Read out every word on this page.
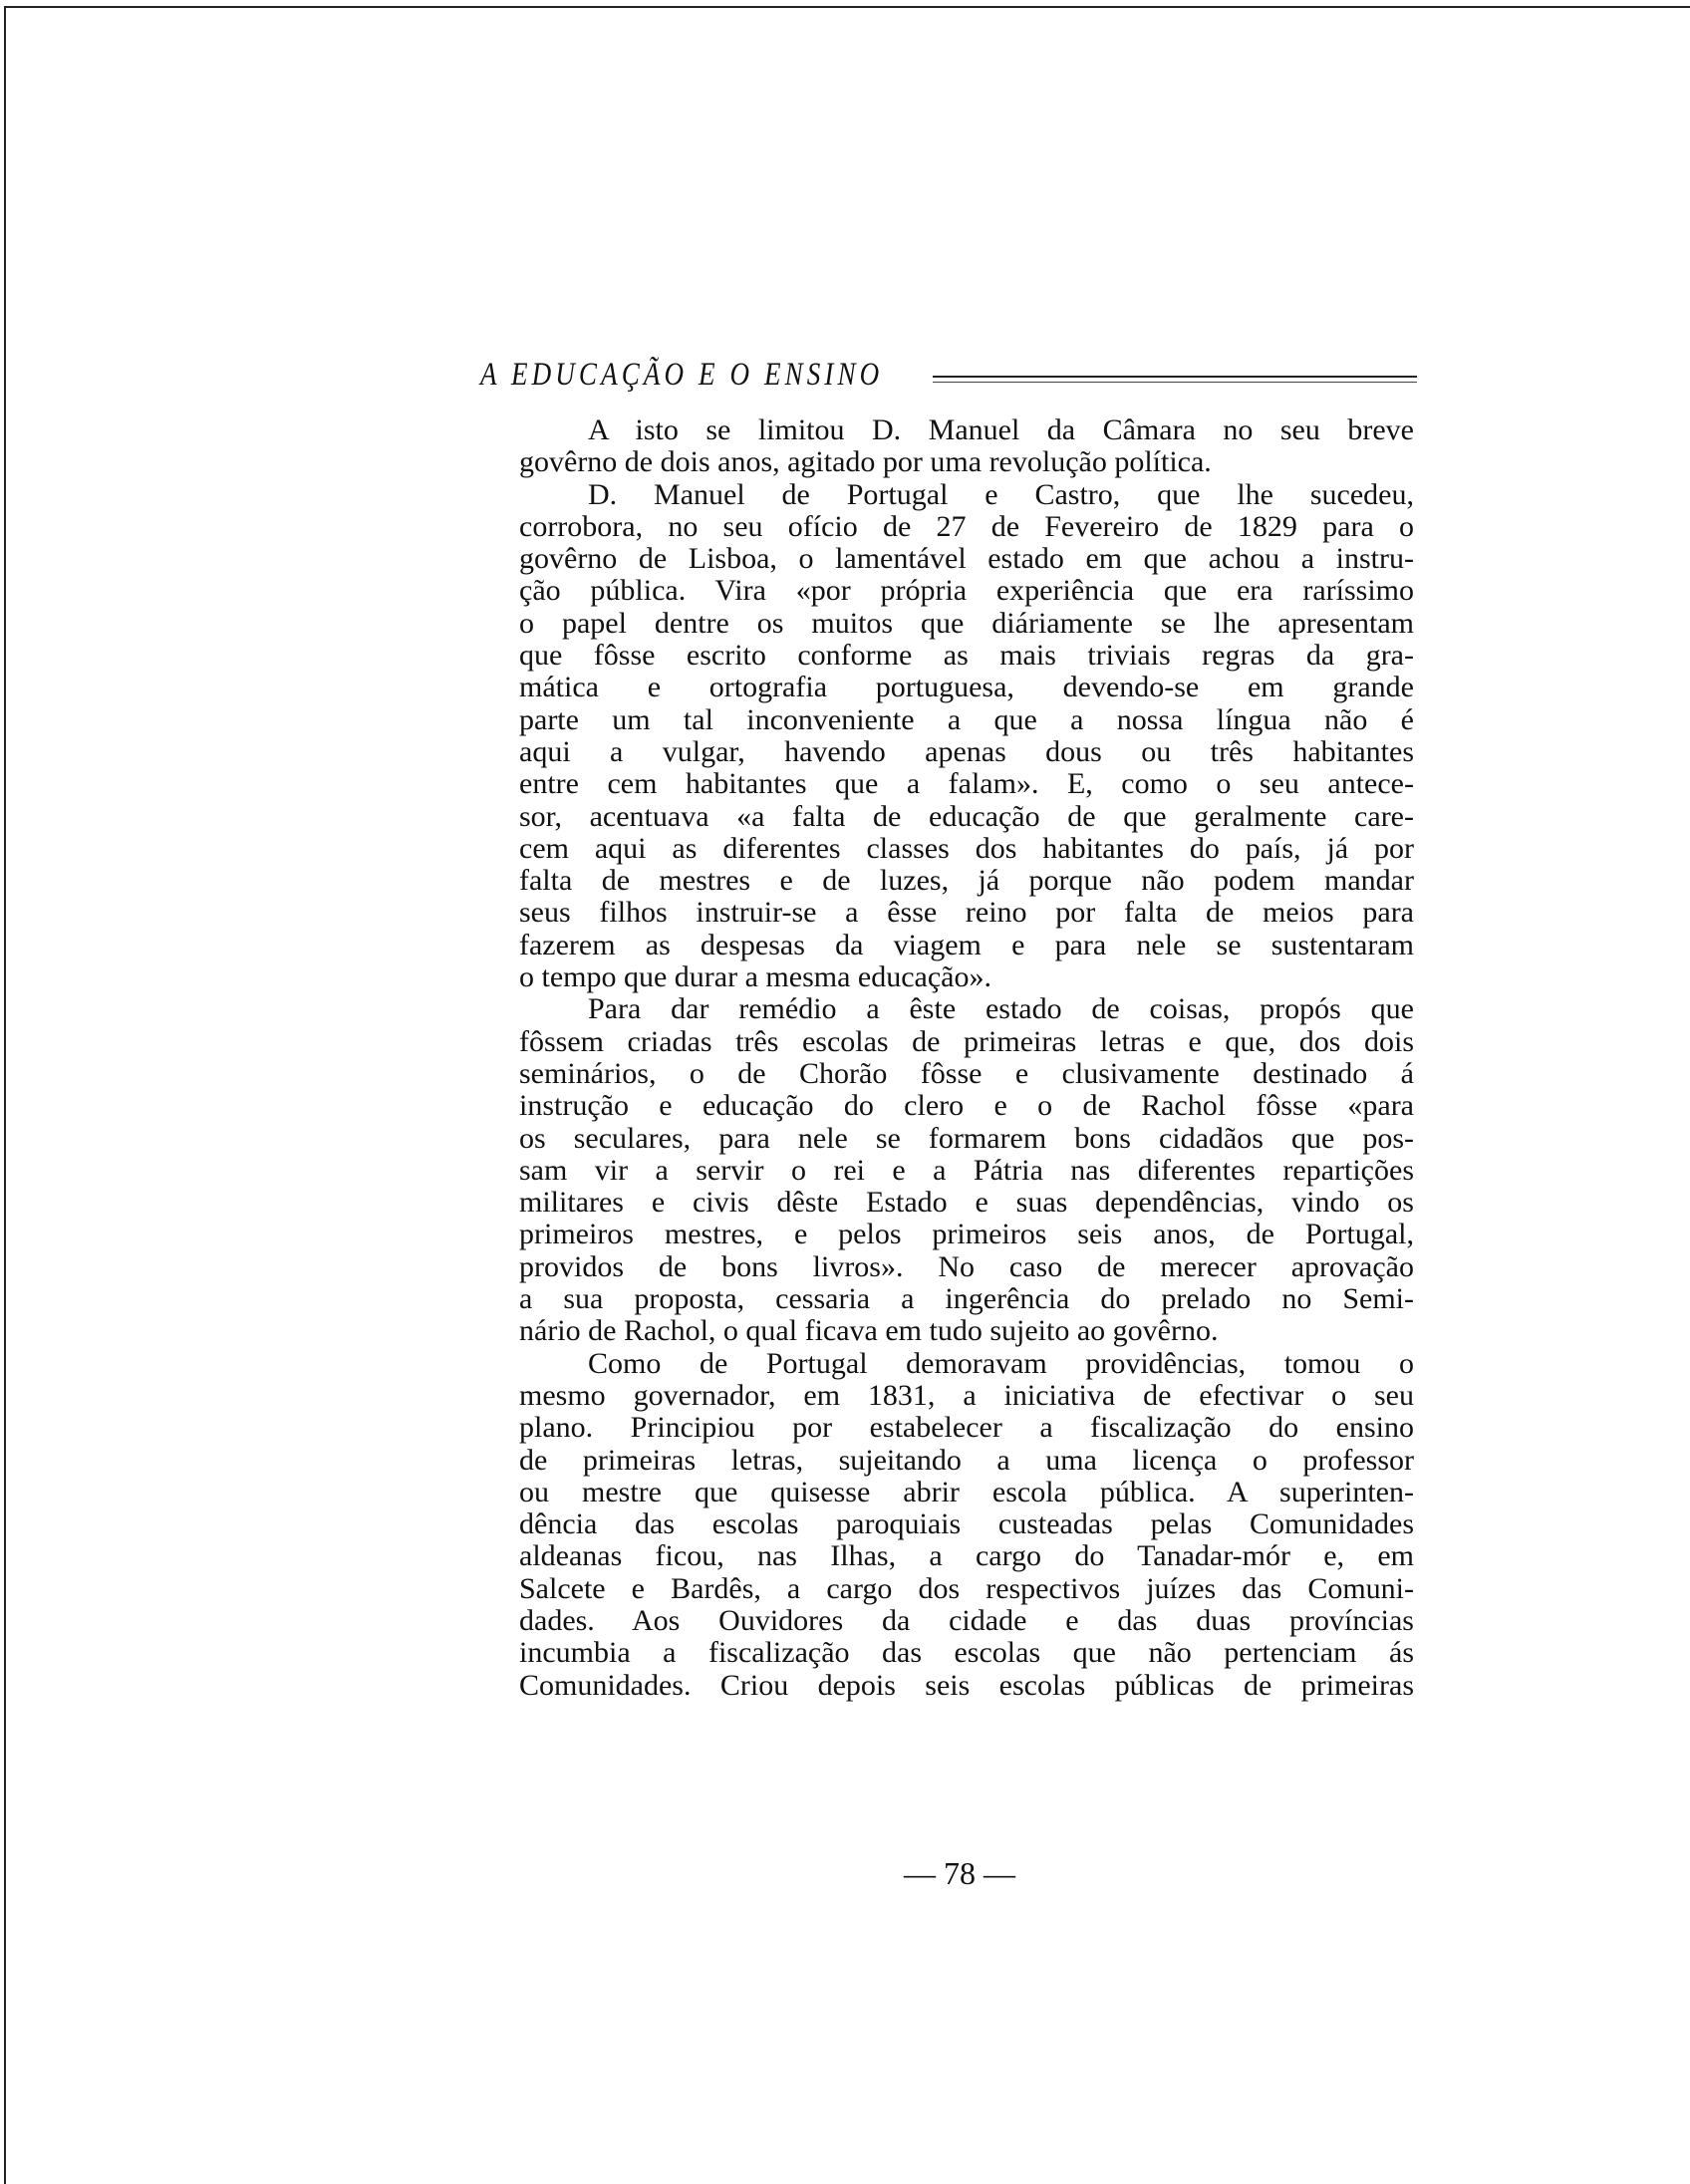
A EDUCAÇÃO E O ENSINO
A isto se limitou D. Manuel da Câmara no seu breve
govêrno de dois anos, agitado por uma revolução política.
D. Manuel de Portugal e Castro, que lhe sucedeu,
corrobora, no seu ofício de 27 de Fevereiro de 1829 para o
govêrno de Lisboa, o lamentável estado em que achou a instru-
ção pública. Vira «por própria experiência que era raríssimo
o papel dentre os muitos que diáriamente se lhe apresentam
que fôsse escrito conforme as mais triviais regras da gra-
mática e ortografia portuguesa, devendo-se em grande
parte um tal inconveniente a que a nossa língua não é
aqui a vulgar, havendo apenas dous ou três habitantes
entre cem habitantes que a falam». E, como o seu antece-
sor, acentuava «a falta de educação de que geralmente care-
cem aqui as diferentes classes dos habitantes do país, já por
falta de mestres e de luzes, já porque não podem mandar
seus filhos instruir-se a êsse reino por falta de meios para
fazerem as despesas da viagem e para nele se sustentaram
o tempo que durar a mesma educação».
Para dar remédio a êste estado de coisas, propós que
fôssem criadas três escolas de primeiras letras e que, dos dois
seminários, o de Chorão fôsse e clusivamente destinado á
instrução e educação do clero e o de Rachol fôsse «para
os seculares, para nele se formarem bons cidadãos que pos-
sam vir a servir o rei e a Pátria nas diferentes repartições
militares e civis dêste Estado e suas dependências, vindo os
primeiros mestres, e pelos primeiros seis anos, de Portugal,
providos de bons livros». No caso de merecer aprovação
a sua proposta, cessaria a ingerência do prelado no Semi-
nário de Rachol, o qual ficava em tudo sujeito ao govêrno.
Como de Portugal demoravam providências, tomou o
mesmo governador, em 1831, a iniciativa de efectivar o seu
plano. Principiou por estabelecer a fiscalização do ensino
de primeiras letras, sujeitando a uma licença o professor
ou mestre que quisesse abrir escola pública. A superinten-
dência das escolas paroquiais custeadas pelas Comunidades
aldeanas ficou, nas Ilhas, a cargo do Tanadar-mór e, em
Salcete e Bardês, a cargo dos respectivos juízes das Comuni-
dades. Aos Ouvidores da cidade e das duas províncias
incumbia a fiscalização das escolas que não pertenciam ás
Comunidades. Criou depois seis escolas públicas de primeiras
— 78 —
